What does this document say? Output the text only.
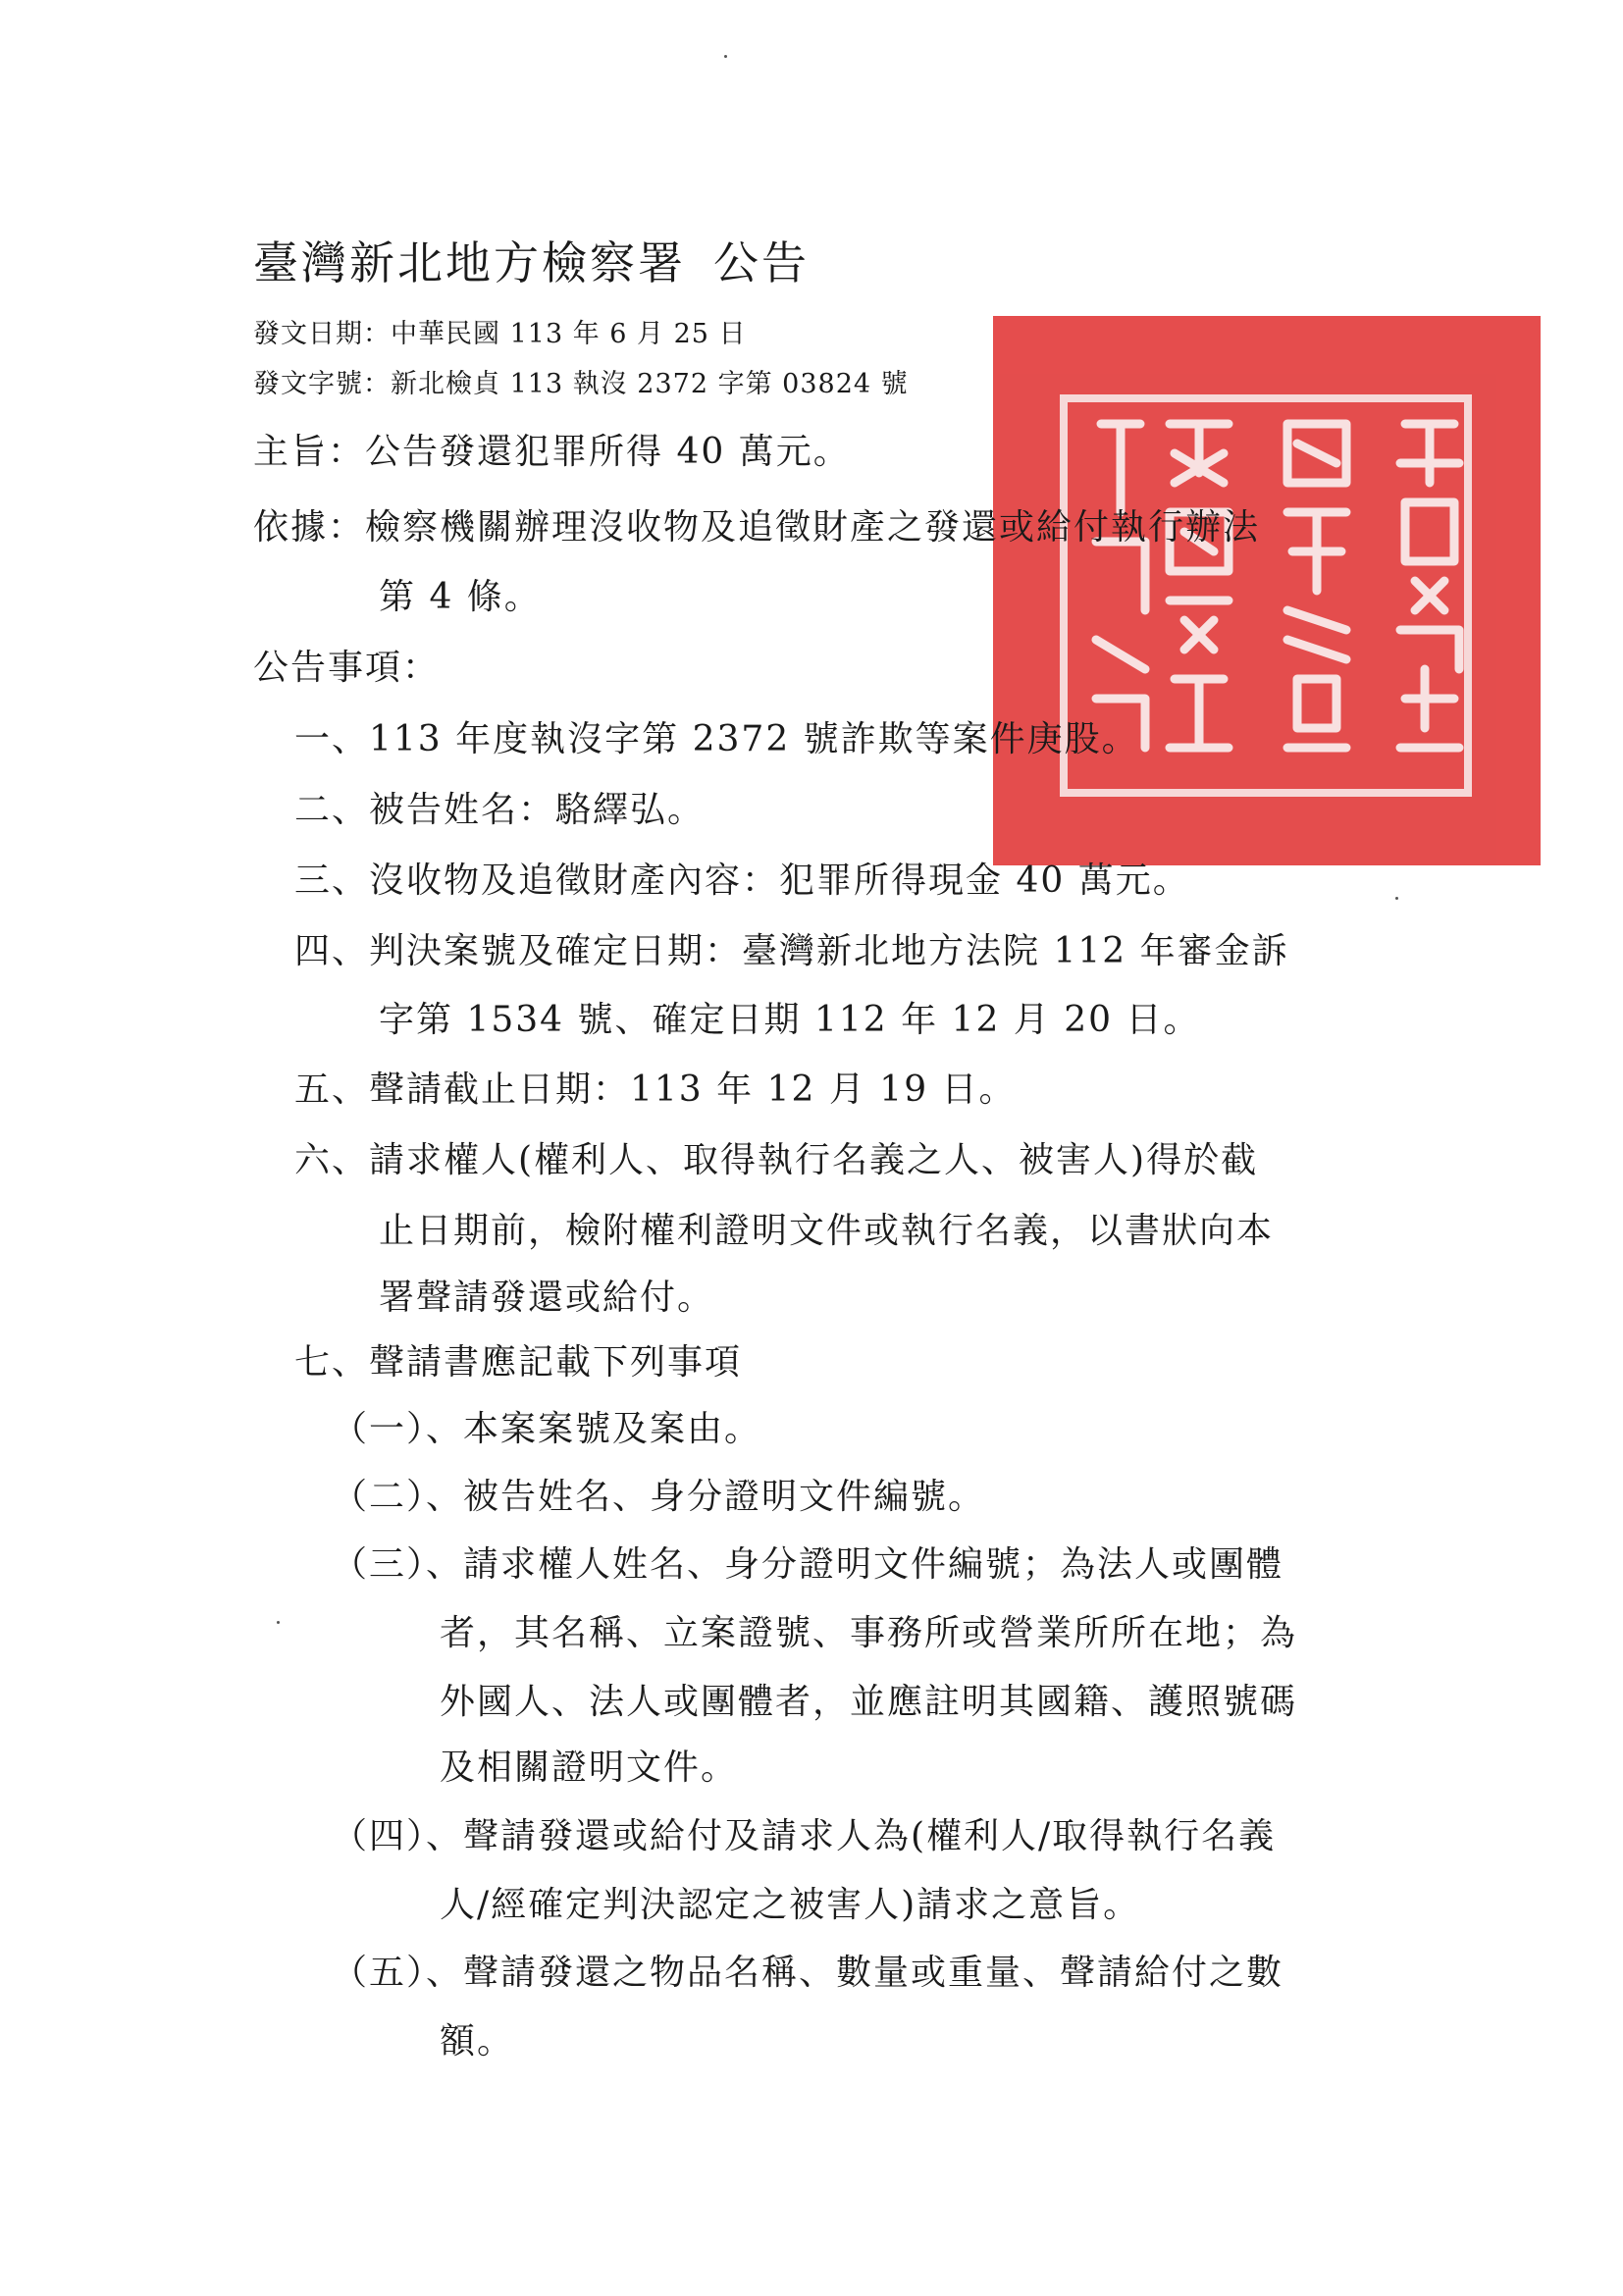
臺灣新北地方檢察署 公告
發文日期：中華民國 113 年 6 月 25 日
發文字號：新北檢貞 113 執沒 2372 字第 03824 號
主旨：公告發還犯罪所得 40 萬元。
依據：檢察機關辦理沒收物及追徵財產之發還或給付執行辦法
第 4 條。
公告事項：
一、113 年度執沒字第 2372 號詐欺等案件庚股。
二、被告姓名：駱繹弘。
三、沒收物及追徵財產內容：犯罪所得現金 40 萬元。
四、判決案號及確定日期：臺灣新北地方法院 112 年審金訴
字第 1534 號、確定日期 112 年 12 月 20 日。
五、聲請截止日期：113 年 12 月 19 日。
六、請求權人(權利人、取得執行名義之人、被害人)得於截
止日期前，檢附權利證明文件或執行名義，以書狀向本
署聲請發還或給付。
七、聲請書應記載下列事項
（一）、本案案號及案由。
（二）、被告姓名、身分證明文件編號。
（三）、請求權人姓名、身分證明文件編號；為法人或團體
者，其名稱、立案證號、事務所或營業所所在地；為
外國人、法人或團體者，並應註明其國籍、護照號碼
及相關證明文件。
（四）、聲請發還或給付及請求人為(權利人/取得執行名義
人/經確定判決認定之被害人)請求之意旨。
（五）、聲請發還之物品名稱、數量或重量、聲請給付之數
額。
